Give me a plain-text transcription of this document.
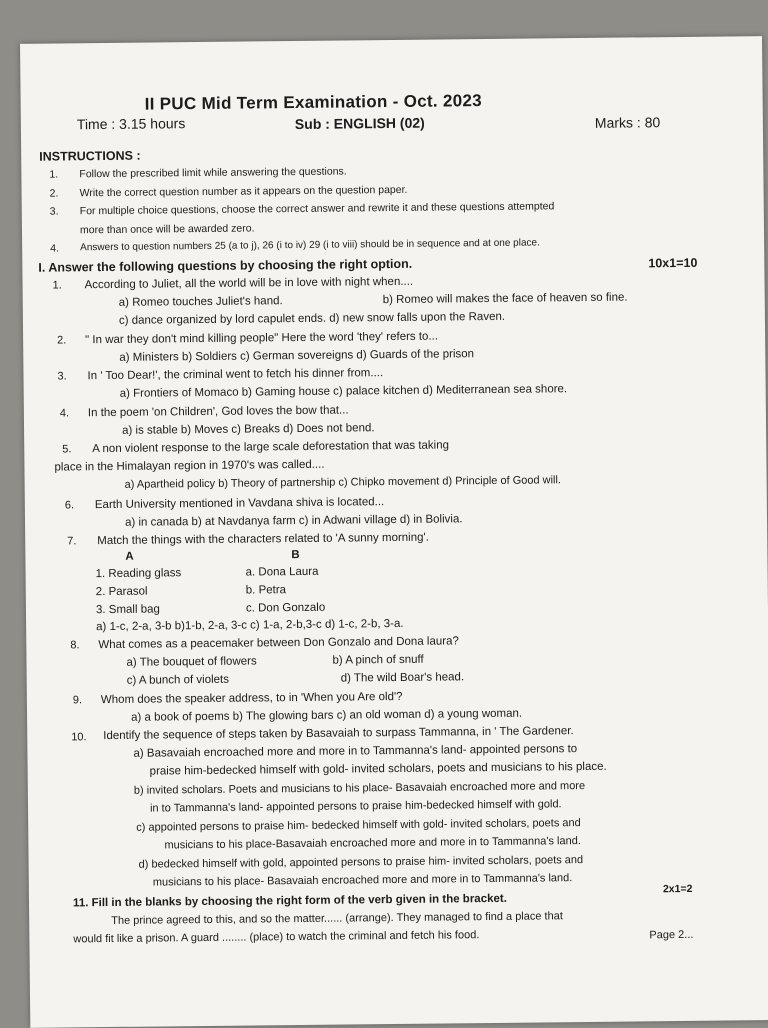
II PUC Mid Term Examination - Oct. 2023
Time : 3.15 hours	Sub : ENGLISH (02)	Marks : 80
INSTRUCTIONS :
1. Follow the prescribed limit while answering the questions.
2. Write the correct question number as it appears on the question paper.
3. For multiple choice questions, choose the correct answer and rewrite it and these questions attempted
more than once will be awarded zero.
4. Answers to question numbers 25 (a to j), 26 (i to iv) 29 (i to viii) should be in sequence and at one place.
I. Answer the following questions by choosing the right option.	10x1=10
1. According to Juliet, all the world will be in love with night when....
a) Romeo touches Juliet's hand.	b) Romeo will makes the face of heaven so fine.
c) dance organized by lord capulet ends. d) new snow falls upon the Raven.
2. " In war they don't mind killing people" Here the word 'they' refers to...
a) Ministers b) Soldiers c) German sovereigns d) Guards of the prison
3. In ' Too Dear!', the criminal went to fetch his dinner from....
a) Frontiers of Momaco b) Gaming house c) palace kitchen d) Mediterranean sea shore.
4. In the poem 'on Children', God loves the bow that...
a) is stable b) Moves c) Breaks d) Does not bend.
5. A non violent response to the large scale deforestation that was taking
place in the Himalayan region in 1970's was called....
a) Apartheid policy b) Theory of partnership c) Chipko movement d) Principle of Good will.
6. Earth University mentioned in Vavdana shiva is located...
a) in canada b) at Navdanya farm c) in Adwani village d) in Bolivia.
7. Match the things with the characters related to 'A sunny morning'.
A	B
1. Reading glass	a. Dona Laura
2. Parasol	b. Petra
3. Small bag	c. Don Gonzalo
a) 1-c, 2-a, 3-b b)1-b, 2-a, 3-c c) 1-a, 2-b,3-c d) 1-c, 2-b, 3-a.
8. What comes as a peacemaker between Don Gonzalo and Dona laura?
a) The bouquet of flowers	b) A pinch of snuff
c) A bunch of violets	d) The wild Boar's head.
9. Whom does the speaker address, to in 'When you Are old'?
a) a book of poems b) The glowing bars c) an old woman d) a young woman.
10. Identify the sequence of steps taken by Basavaiah to surpass Tammanna, in ' The Gardener.
a) Basavaiah encroached more and more in to Tammanna's land- appointed persons to
praise him-bedecked himself with gold- invited scholars, poets and musicians to his place.
b) invited scholars. Poets and musicians to his place- Basavaiah encroached more and more
in to Tammanna's land- appointed persons to praise him-bedecked himself with gold.
c) appointed persons to praise him- bedecked himself with gold- invited scholars, poets and
musicians to his place-Basavaiah encroached more and more in to Tammanna's land.
d) bedecked himself with gold, appointed persons to praise him- invited scholars, poets and
musicians to his place- Basavaiah encroached more and more in to Tammanna's land.
2x1=2
11. Fill in the blanks by choosing the right form of the verb given in the bracket.
The prince agreed to this, and so the matter...... (arrange). They managed to find a place that
would fit like a prison. A guard ........ (place) to watch the criminal and fetch his food.	Page 2...
